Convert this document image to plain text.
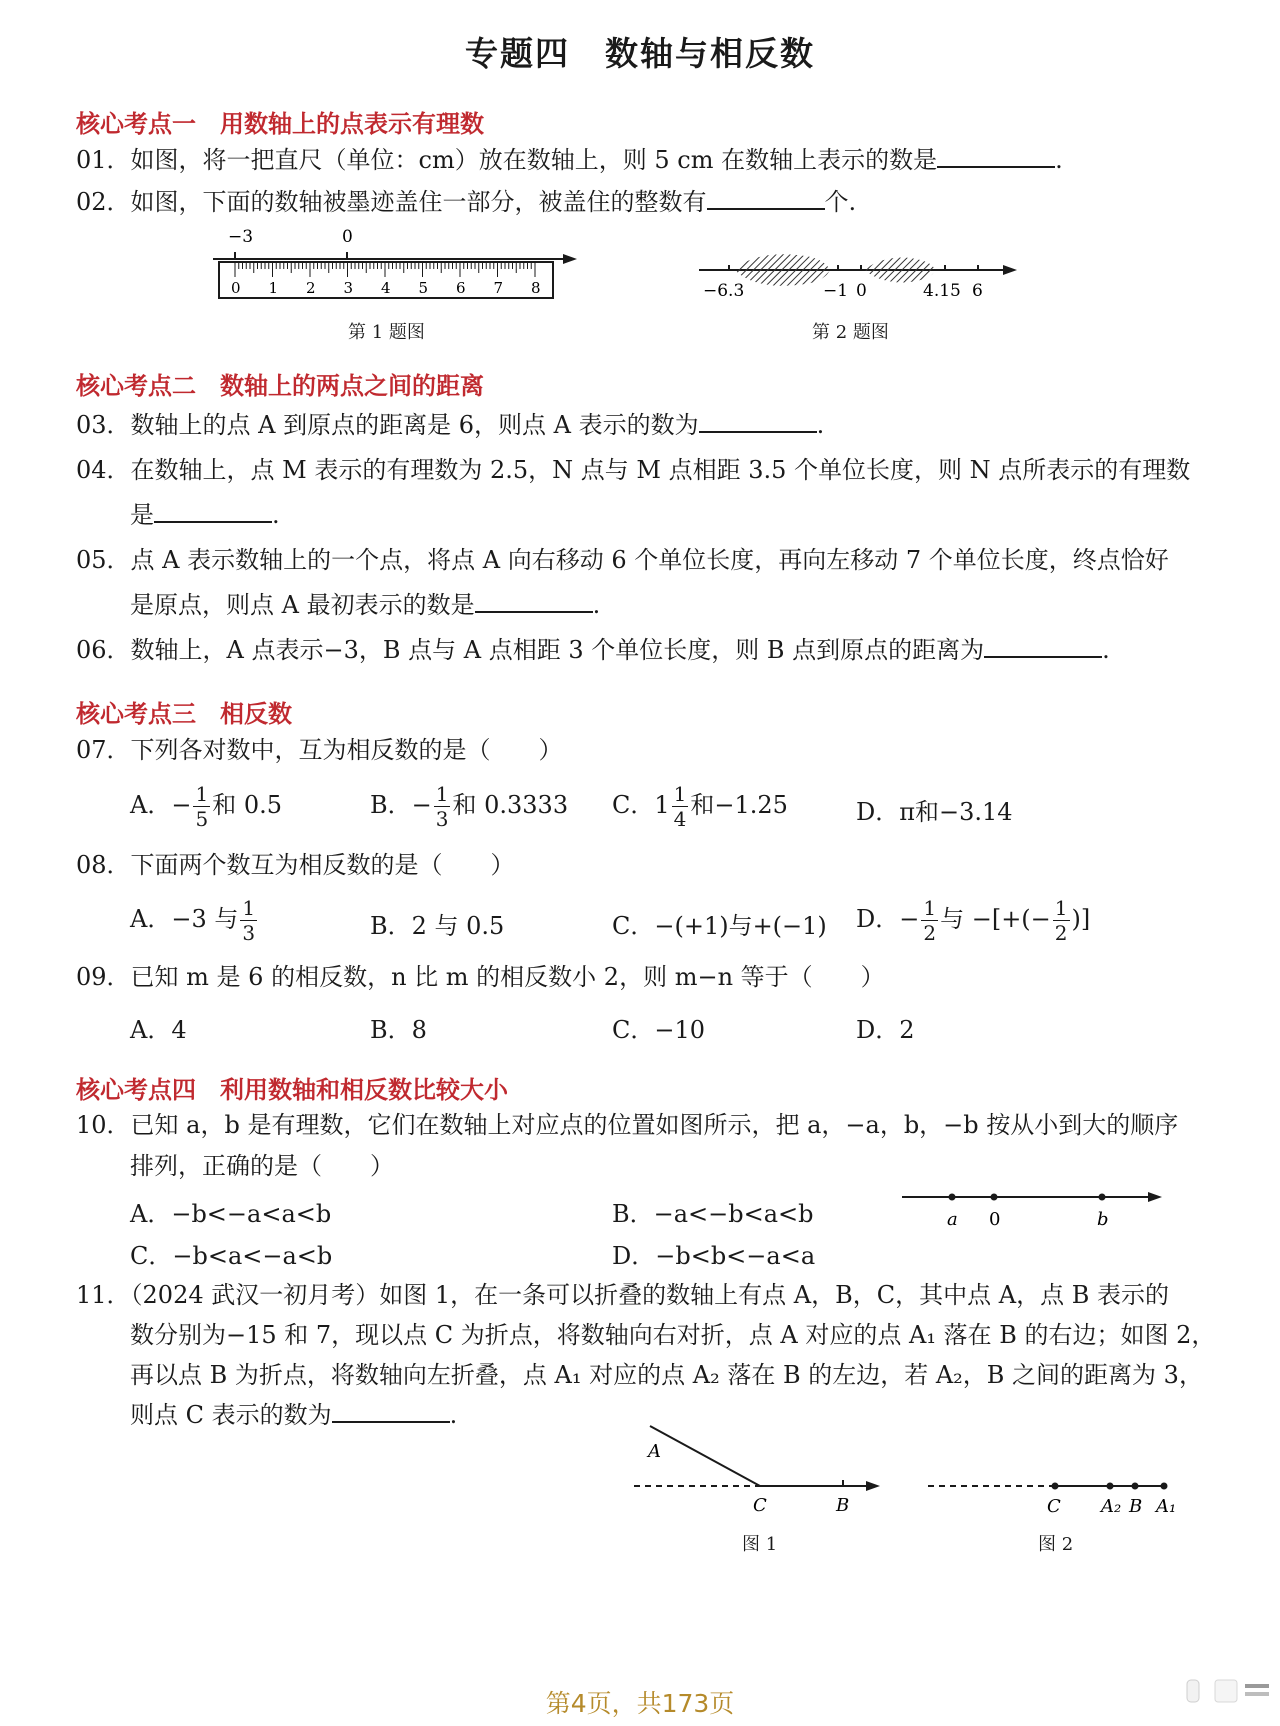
专题四　数轴与相反数
核心考点一　用数轴上的点表示有理数
01．如图，将一把直尺（单位：cm）放在数轴上，则 5 cm 在数轴上表示的数是	.
02．如图，下面的数轴被墨迹盖住一部分，被盖住的整数有	个.
−3	0
0 1 2 3 4 5 6 7 8
第 1 题图
−6.3	−1 0	4.15 6
第 2 题图
核心考点二　数轴上的两点之间的距离
03．数轴上的点 A 到原点的距离是 6，则点 A 表示的数为	.
04．在数轴上，点 M 表示的有理数为 2.5，N 点与 M 点相距 3.5 个单位长度，则 N 点所表示的有理数
是	.
05．点 A 表示数轴上的一个点，将点 A 向右移动 6 个单位长度，再向左移动 7 个单位长度，终点恰好
是原点，则点 A 最初表示的数是	.
06．数轴上，A 点表示−3，B 点与 A 点相距 3 个单位长度，则 B 点到原点的距离为	.
核心考点三　相反数
07．下列各对数中，互为相反数的是（　　）
A．− $\frac{1}{5}$ 和 0.5	B．− $\frac{1}{3}$ 和 0.3333 C．$1 \frac{1}{4}$ 和−1.25	D．π和−3.14
08．下面两个数互为相反数的是（　　）
A．−3 与 $\frac{1}{3}$	B．2 与 0.5	C．−(+1)与+(−1) D．− $\frac{1}{2}$ 与 −[+(− $\frac{1}{2}$ )]
09．已知 m 是 6 的相反数，n 比 m 的相反数小 2，则 m−n 等于（　　）
A．4	B．8	C．−10	D．2
核心考点四　利用数轴和相反数比较大小
10．已知 a，b 是有理数，它们在数轴上对应点的位置如图所示，把 a，−a，b，−b 按从小到大的顺序
排列，正确的是（　　）
A．−b<−a<a<b	B．−a<−b<a<b
C．−b<a<−a<b	D．−b<b<−a<a
a 0	b
11．（2024 武汉一初月考）如图 1，在一条可以折叠的数轴上有点 A，B，C，其中点 A，点 B 表示的
数分别为−15 和 7，现以点 C 为折点，将数轴向右对折，点 A 对应的点 A₁ 落在 B 的右边；如图 2，
再以点 B 为折点，将数轴向左折叠，点 A₁ 对应的点 A₂ 落在 B 的左边，若 A₂，B 之间的距离为 3，
则点 C 表示的数为	.
A
C	B
图 1
C A₂ B A₁
图 2
第4页，共173页
